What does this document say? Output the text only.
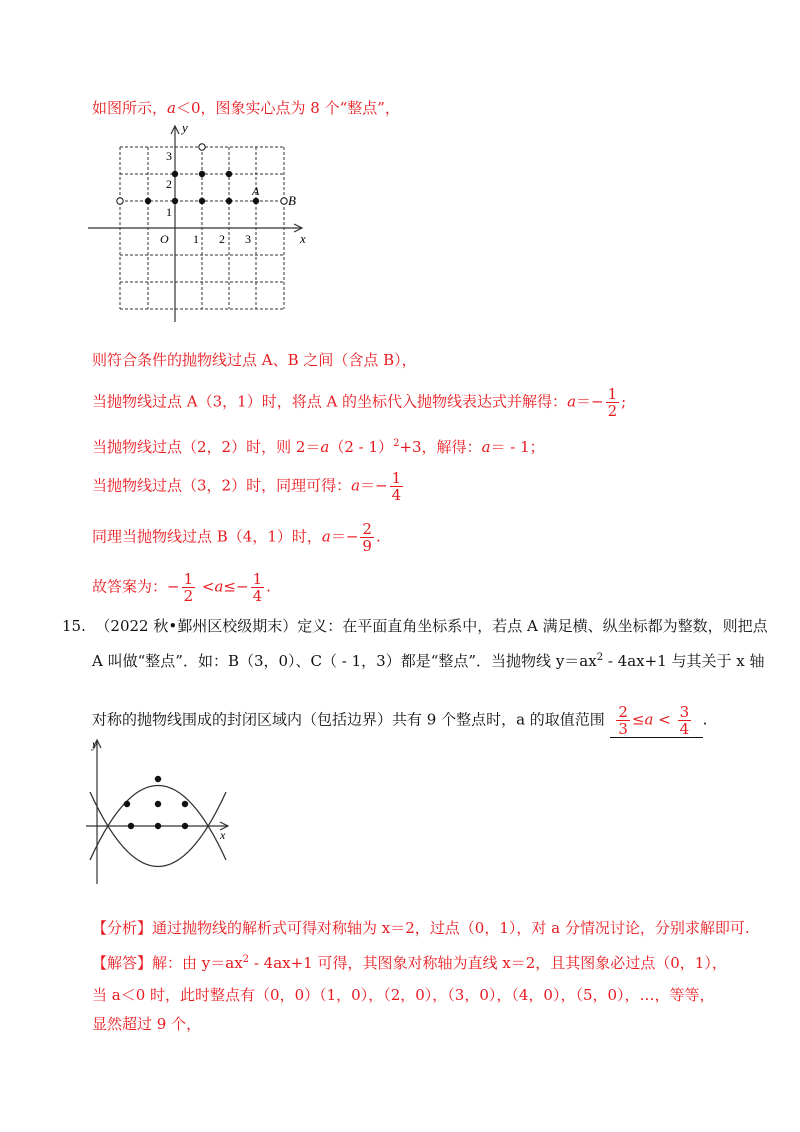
如图所示，a＜0，图象实心点为 8 个“整点”，
y
x
O 1 2 3
1
2
3
A
B
则符合条件的抛物线过点 A、B 之间（含点 B），
当抛物线过点 A（3，1）时，将点 A 的坐标代入抛物线表达式并解得：$a=- \frac{1}{2}$ ;
当抛物线过点（2，2）时，则 2＝a（2 - 1）$^2$+3，解得：a＝ - 1；
当抛物线过点（3，2）时，同理可得：$a=- \frac{1}{4}$
同理当抛物线过点 B（4，1）时，$a=- \frac{2}{9}$ .
故答案为：− $\frac{1}{2} <a\le- \frac{1}{4}$ .
15. （2022 秋•鄞州区校级期末）定义：在平面直角坐标系中，若点 A 满足横、纵坐标都为整数，则把点
A 叫做“整点”．如：B（3，0）、C（ - 1，3）都是“整点”．当抛物线 $y=ax^2 - 4ax+1$ 与其关于 x 轴
对称的抛物线围成的封闭区域内（包括边界）共有 9 个整点时，a 的取值范围 $\frac{2}{3} \le a < \frac{3}{4}$ .
y
x
【分析】通过抛物线的解析式可得对称轴为 x＝2，过点（0，1），对 a 分情况讨论，分别求解即可.
【解答】解：由 $y=ax^2 - 4ax+1$ 可得，其图象对称轴为直线 x＝2，且其图象必过点（0，1），
当 a＜0 时，此时整点有（0，0）（1，0），（2，0），（3，0），（4，0），（5，0），…，等等，
显然超过 9 个，
